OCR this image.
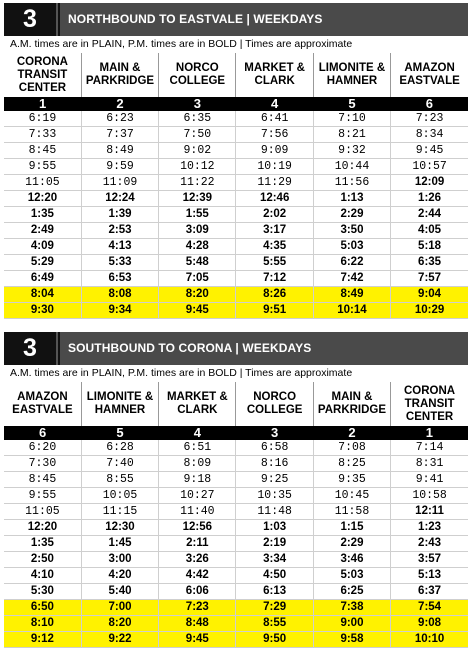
3	NORTHBOUND TO EASTVALE | WEEKDAYS
A.M. times are in PLAIN, P.M. times are in BOLD | Times are approximate
CORONA TRANSIT CENTER	MAIN & PARKRIDGE	NORCO COLLEGE	MARKET & CLARK	LIMONITE & HAMNER	AMAZON EASTVALE
1	2	3	4	5	6
6:19	6:23	6:35	6:41	7:10	7:23
7:33	7:37	7:50	7:56	8:21	8:34
8:45	8:49	9:02	9:09	9:32	9:45
9:55	9:59	10:12	10:19	10:44	10:57
11:05	11:09	11:22	11:29	11:56	12:09
12:20	12:24	12:39	12:46	1:13	1:26
1:35	1:39	1:55	2:02	2:29	2:44
2:49	2:53	3:09	3:17	3:50	4:05
4:09	4:13	4:28	4:35	5:03	5:18
5:29	5:33	5:48	5:55	6:22	6:35
6:49	6:53	7:05	7:12	7:42	7:57
8:04	8:08	8:20	8:26	8:49	9:04
9:30	9:34	9:45	9:51	10:14	10:29
3	SOUTHBOUND TO CORONA | WEEKDAYS
A.M. times are in PLAIN, P.M. times are in BOLD | Times are approximate
AMAZON EASTVALE	LIMONITE & HAMNER	MARKET & CLARK	NORCO COLLEGE	MAIN & PARKRIDGE	CORONA TRANSIT CENTER
6	5	4	3	2	1
6:20	6:28	6:51	6:58	7:08	7:14
7:30	7:40	8:09	8:16	8:25	8:31
8:45	8:55	9:18	9:25	9:35	9:41
9:55	10:05	10:27	10:35	10:45	10:58
11:05	11:15	11:40	11:48	11:58	12:11
12:20	12:30	12:56	1:03	1:15	1:23
1:35	1:45	2:11	2:19	2:29	2:43
2:50	3:00	3:26	3:34	3:46	3:57
4:10	4:20	4:42	4:50	5:03	5:13
5:30	5:40	6:06	6:13	6:25	6:37
6:50	7:00	7:23	7:29	7:38	7:54
8:10	8:20	8:48	8:55	9:00	9:08
9:12	9:22	9:45	9:50	9:58	10:10
